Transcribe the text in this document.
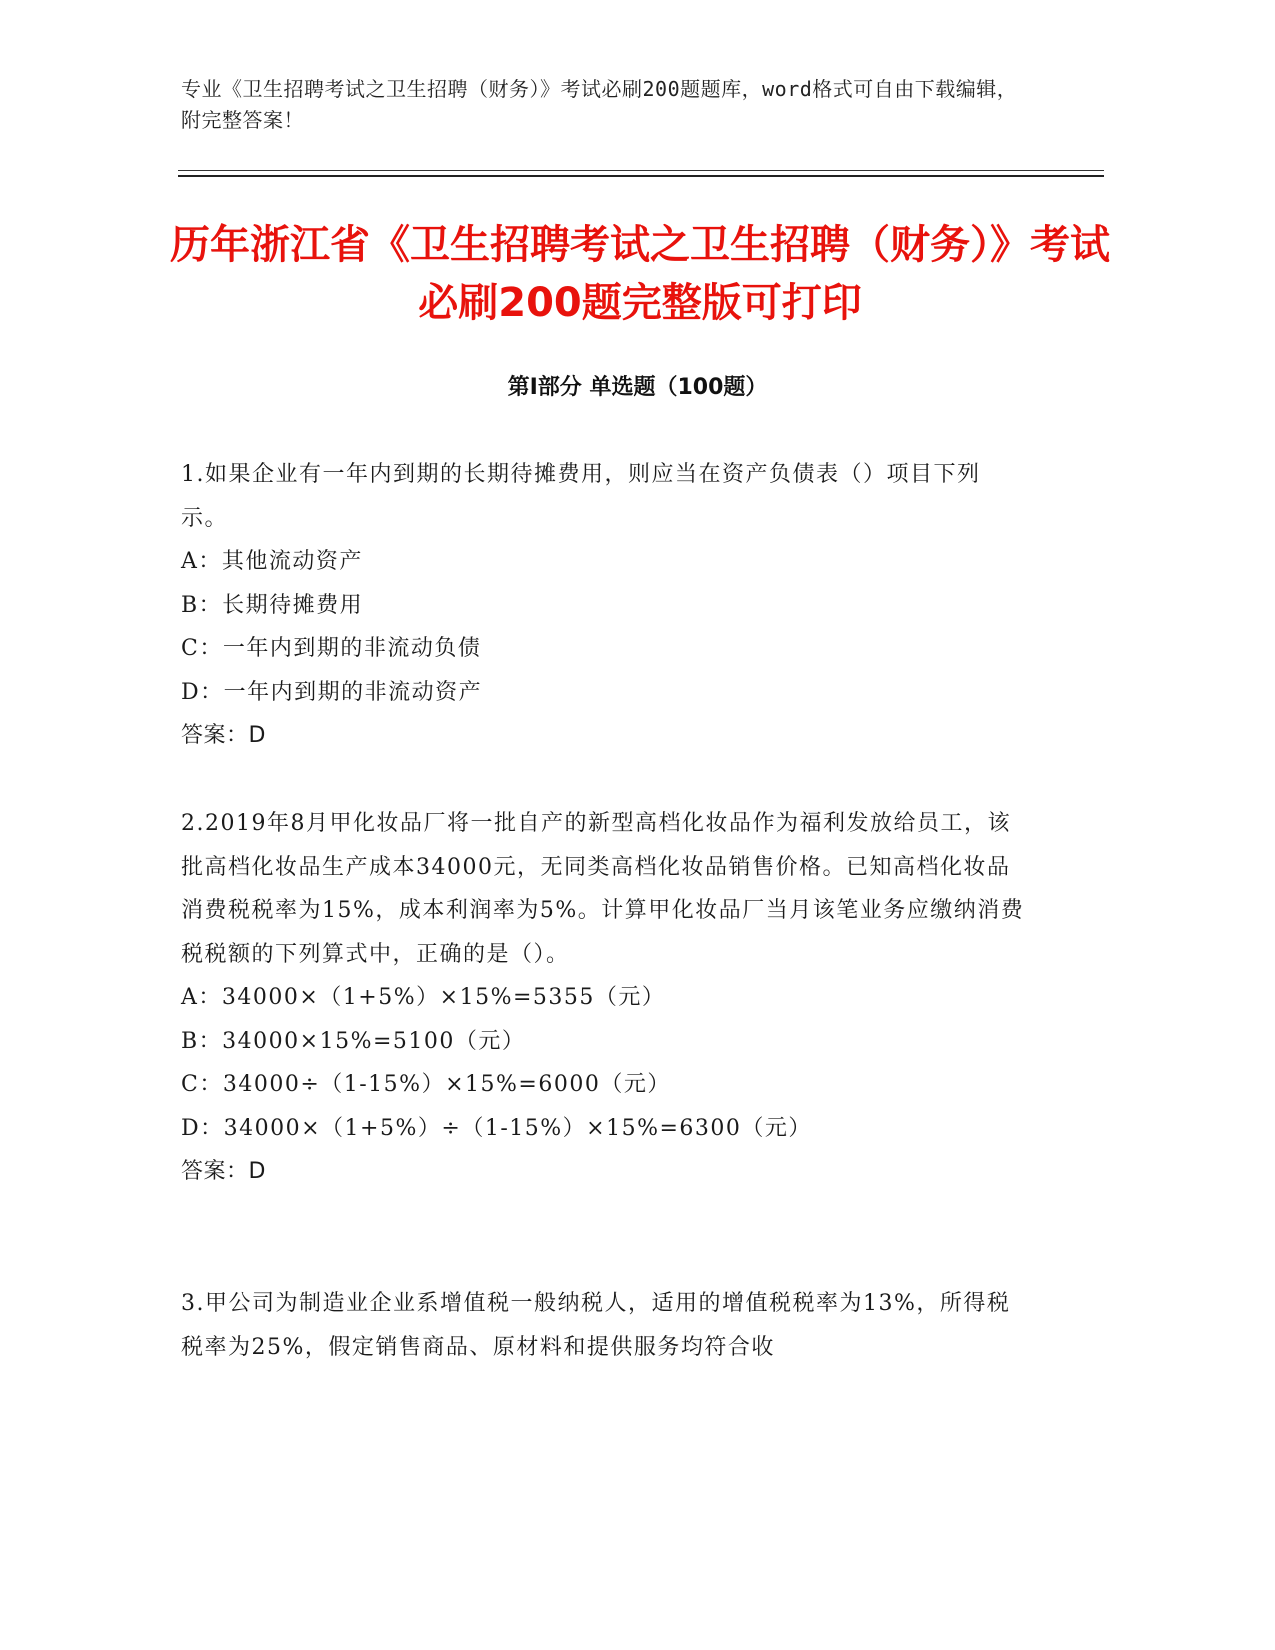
专业《卫生招聘考试之卫生招聘（财务）》考试必刷200题题库，word格式可自由下载编辑，附完整答案！
历年浙江省《卫生招聘考试之卫生招聘（财务）》考试必刷200题完整版可打印
第Ⅰ部分 单选题（100题）

1.如果企业有一年内到期的长期待摊费用，则应当在资产负债表（）项目下列示。

A：其他流动资产

B：长期待摊费用

C：一年内到期的非流动负债

D：一年内到期的非流动资产

答案：D

2.2019年8月甲化妆品厂将一批自产的新型高档化妆品作为福利发放给员工，该批高档化妆品生产成本34000元，无同类高档化妆品销售价格。已知高档化妆品消费税税率为15%，成本利润率为5%。计算甲化妆品厂当月该笔业务应缴纳消费税税额的下列算式中，正确的是（）。

A：34000×（1+5%）×15%=5355（元）

B：34000×15%=5100（元）

C：34000÷（1-15%）×15%=6000（元）

D：34000×（1+5%）÷（1-15%）×15%=6300（元）

答案：D

3.甲公司为制造业企业系增值税一般纳税人，适用的增值税税率为13%，所得税税率为25%，假定销售商品、原材料和提供服务均符合收
